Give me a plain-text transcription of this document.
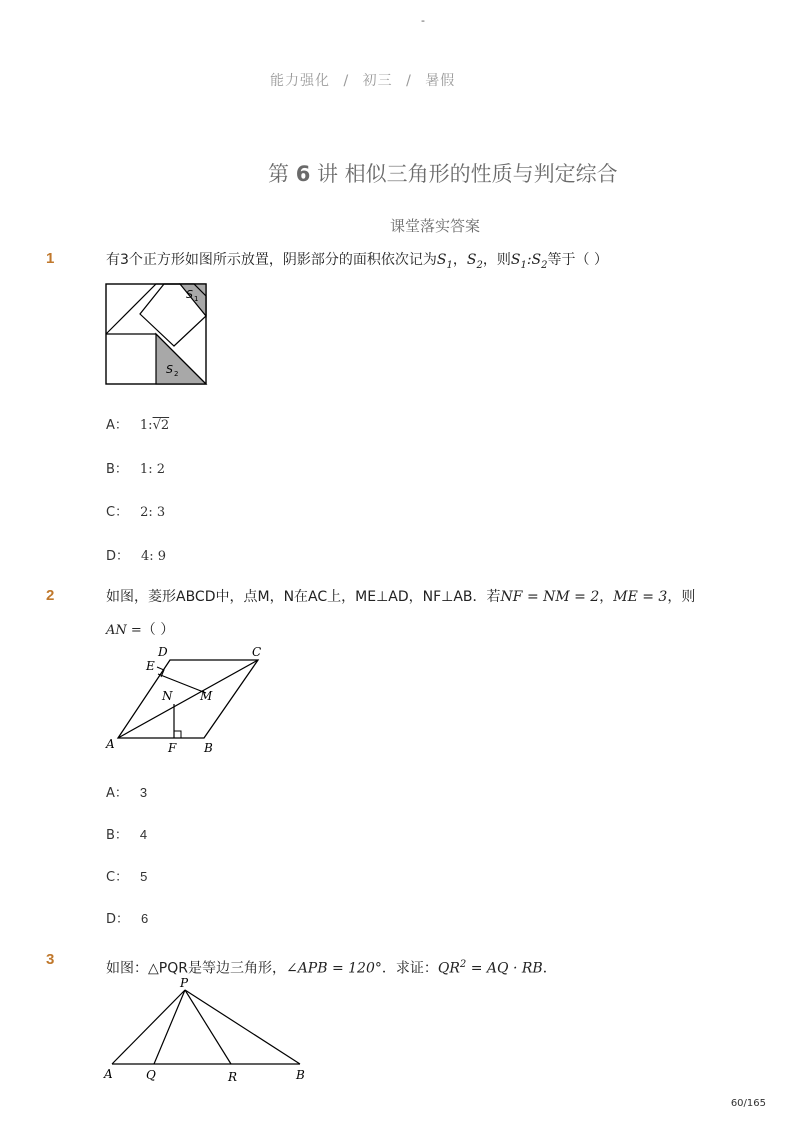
-
能力强化 / 初三 / 暑假
第 6 讲 相似三角形的性质与判定综合
课堂落实答案
1	有3个正方形如图所示放置，阴影部分的面积依次记为$S_1$，$S_2$，则$S_1:S_2$等于（ ）
S 1
S 2
A： 1:√2
B： 1: 2
C： 2: 3
D： 4: 9
2	如图，菱形ABCD中，点M，N在AC上，ME⊥AD，NF⊥AB．若NF = NM = 2，ME = 3，则
AN =（ ）
A	B
C
D
E
F
M
N
A： 3
B： 4
C： 5
D： 6
3
如图：△PQR是等边三角形，∠APB = 120°．求证：$QR^2$ = AQ · RB．
P
A	Q	R	B
60/165
